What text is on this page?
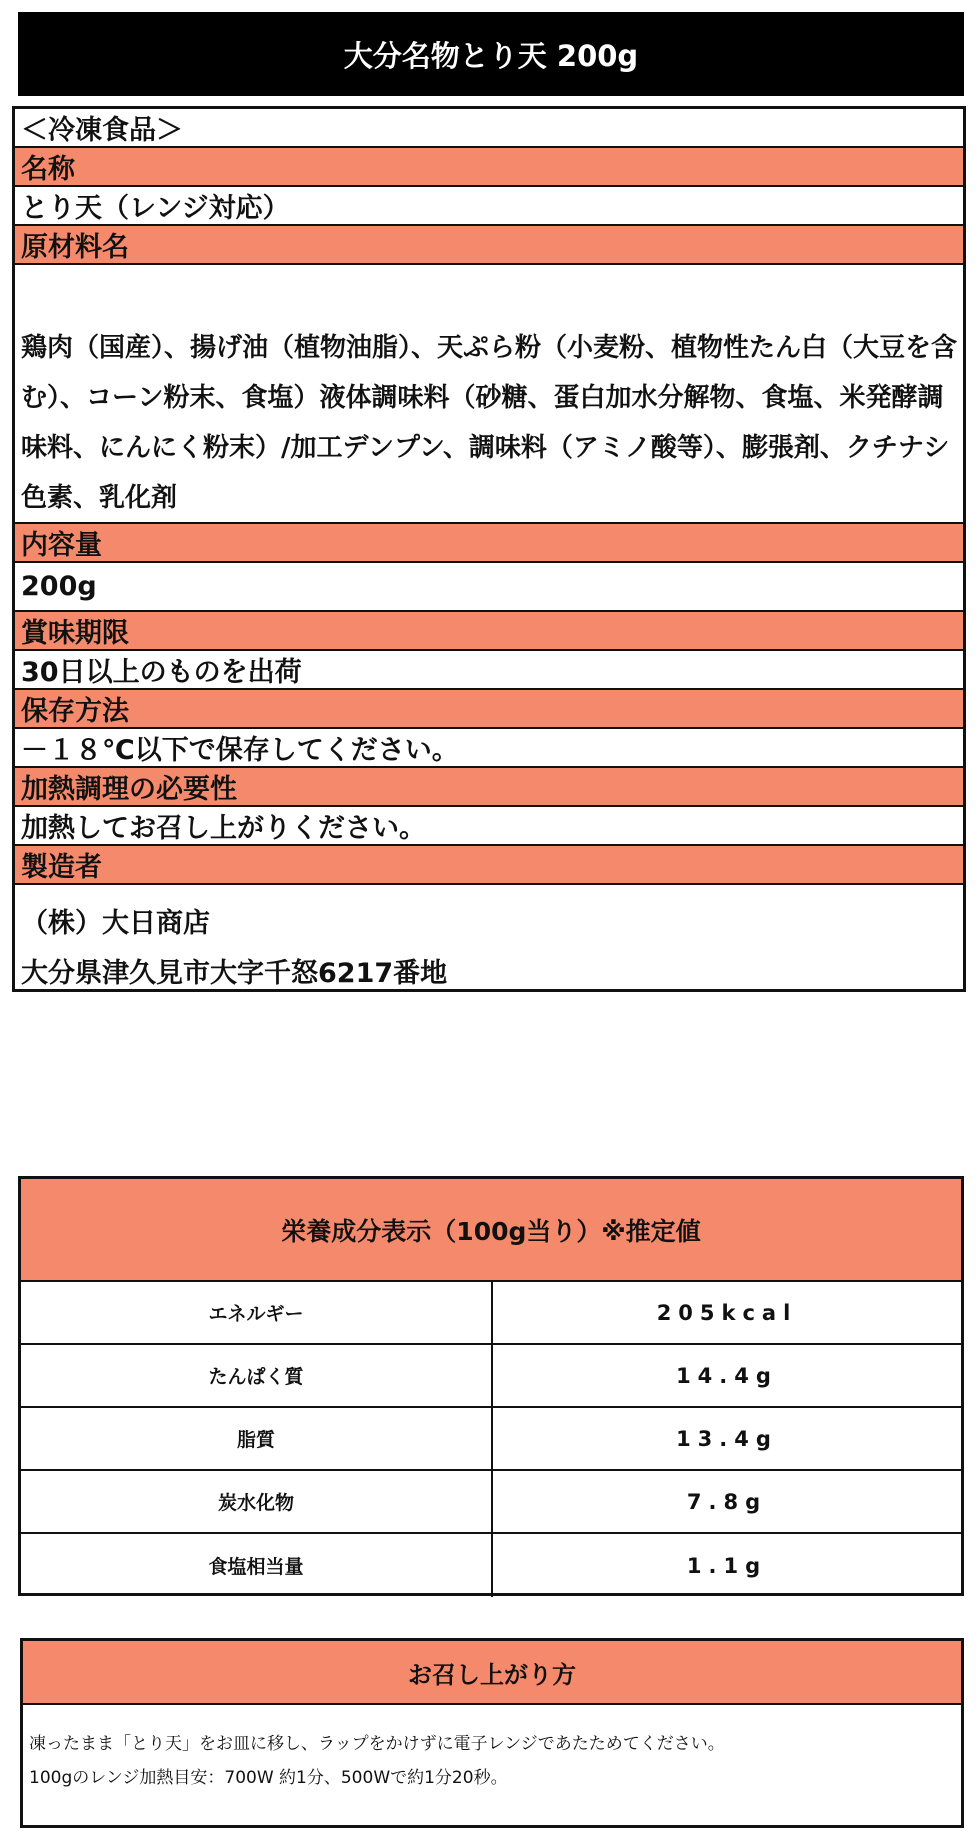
大分名物とり天 200g
＜冷凍食品＞
名称
とり天（レンジ対応）
原材料名
鶏肉（国産）、揚げ油（植物油脂）、天ぷら粉（小麦粉、植物性たん白（大豆を含む）、コーン粉末、食塩）液体調味料（砂糖、蛋白加水分解物、食塩、米発酵調味料、にんにく粉末）/加工デンプン、調味料（アミノ酸等）、膨張剤、クチナシ色素、乳化剤
内容量
200g
賞味期限
30日以上のものを出荷
保存方法
－１８℃以下で保存してください。
加熱調理の必要性
加熱してお召し上がりください。
製造者
（株）大日商店
大分県津久見市大字千怒6217番地
栄養成分表示（100g当り）※推定値
エネルギー	205kcal
たんぱく質	14.4g
脂質	13.4g
炭水化物	7.8g
食塩相当量	1.1g
お召し上がり方
凍ったまま「とり天」をお皿に移し、ラップをかけずに電子レンジであたためてください。
100gのレンジ加熱目安：700W 約1分、500Wで約1分20秒。
